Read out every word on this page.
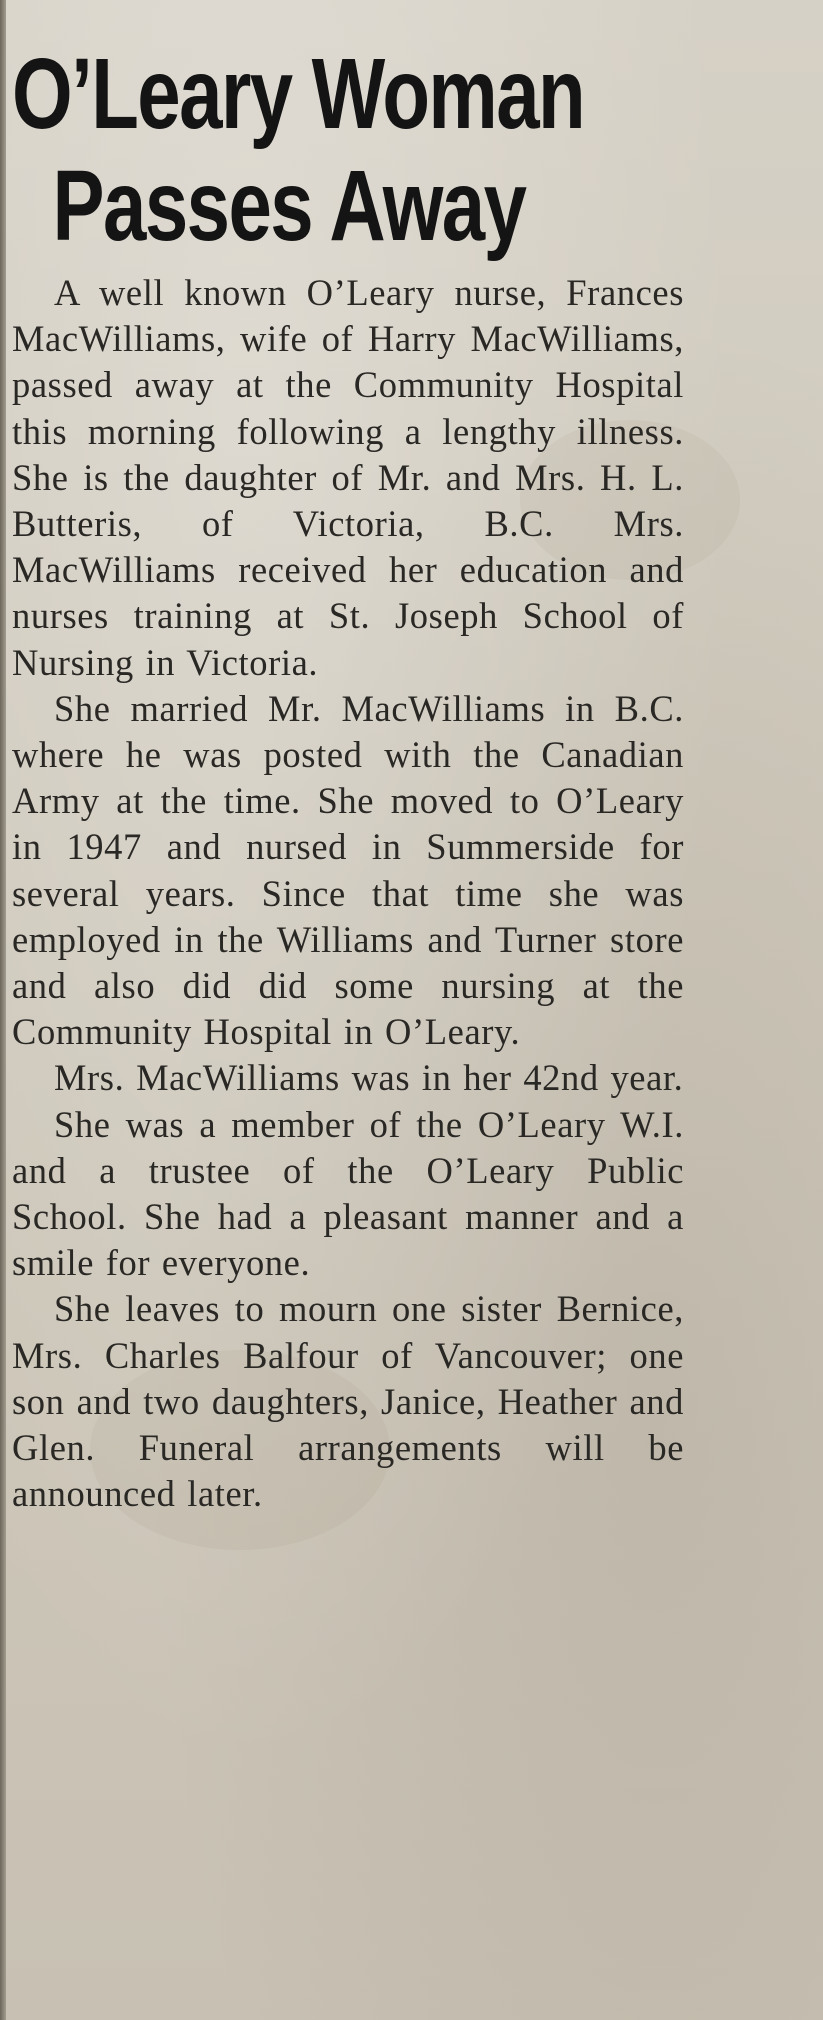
O’Leary Woman
Passes Away

A well known O’Leary nurse, Frances MacWilliams, wife of Harry MacWilliams, passed away at the Community Hospital this morning following a lengthy illness. She is the daughter of Mr. and Mrs. H. L. Butteris, of Victoria, B.C. Mrs. MacWilliams received her education and nurses training at St. Joseph School of Nursing in Victoria.

She married Mr. MacWilliams in B.C. where he was posted with the Canadian Army at the time. She moved to O’Leary in 1947 and nursed in Summerside for several years. Since that time she was employed in the Williams and Turner store and also did did some nursing at the Community Hospital in O’Leary.

Mrs. MacWilliams was in her 42nd year.

She was a member of the O’Leary W.I. and a trustee of the O’Leary Public School. She had a pleasant manner and a smile for everyone.

She leaves to mourn one sister Bernice, Mrs. Charles Balfour of Vancouver; one son and two daughters, Janice, Heather and Glen. Funeral arrangements will be announced later.
